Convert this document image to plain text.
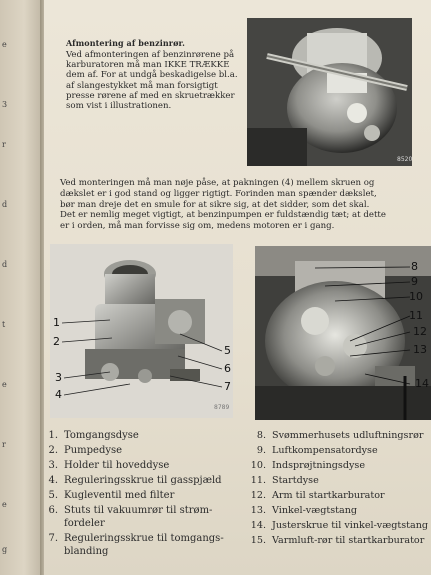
e
3
r
d
d
t
e
r
e
g
Afmontering af benzinrør.
Ved afmonteringen af benzinrørene på
karburatoren må man IKKE TRÆKKE
dem af. For at undgå beskadigelse bl.a.
af slangestykket må man forsigtigt
presse rørene af med en skruetrækker
som vist i illustrationen.
8520
Ved monteringen må man nøje påse, at pakningen (4) mellem skruen og
dækslet er i god stand og ligger rigtigt. Forinden man spænder dækslet,
bør man dreje det en smule for at sikre sig, at det sidder, som det skal.
Det er nemlig meget vigtigt, at benzinpumpen er fuldstændig tæt; at dette
er i orden, må man forvisse sig om, medens motoren er i gang.
1
2
3
4
5
6
7
8789
8
9
10
11
12
13
14
1. Tomgangsdyse
2. Pumpedyse
3. Holder til hoveddyse
4. Reguleringsskrue til gasspjæld
5. Kugleventil med filter
6. Stuts til vakuumrør til strøm-
fordeler
7. Reguleringsskrue til tomgangs-
blanding
8. Svømmerhusets udluftningsrør
9. Luftkompensatordyse
10. Indsprøjtningsdyse
11. Startdyse
12. Arm til startkarburator
13. Vinkel-vægtstang
14. Justerskrue til vinkel-vægtstang
15. Varmluft-rør til startkarburator
